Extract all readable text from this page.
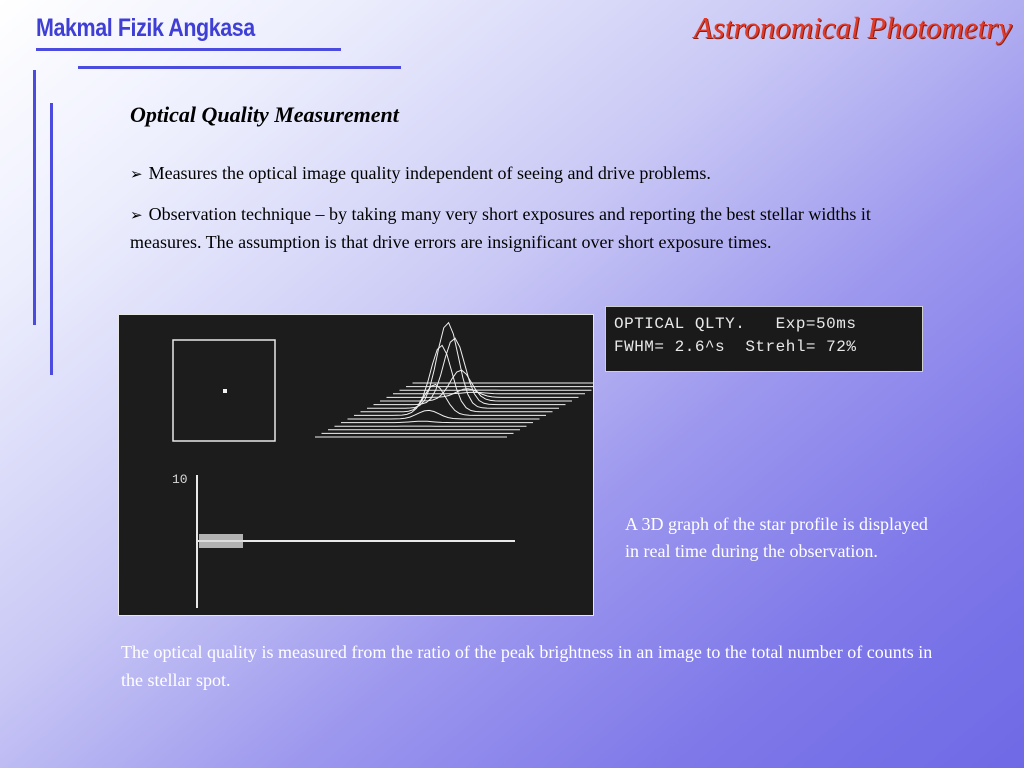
Makmal Fizik Angkasa	Astronomical Photometry
Optical Quality Measurement
➢ Measures the optical image quality independent of seeing and drive problems.
➢ Observation technique – by taking many very short exposures and reporting the best stellar widths it measures. The assumption is that drive errors are insignificant over short exposure times.
10
OPTICAL QLTY.   Exp=50ms
FWHM= 2.6^s  Strehl= 72%
A 3D graph of the star profile is displayed in real time during the observation.
The optical quality is measured from the ratio of the peak brightness in an image to the total number of counts in the stellar spot.
